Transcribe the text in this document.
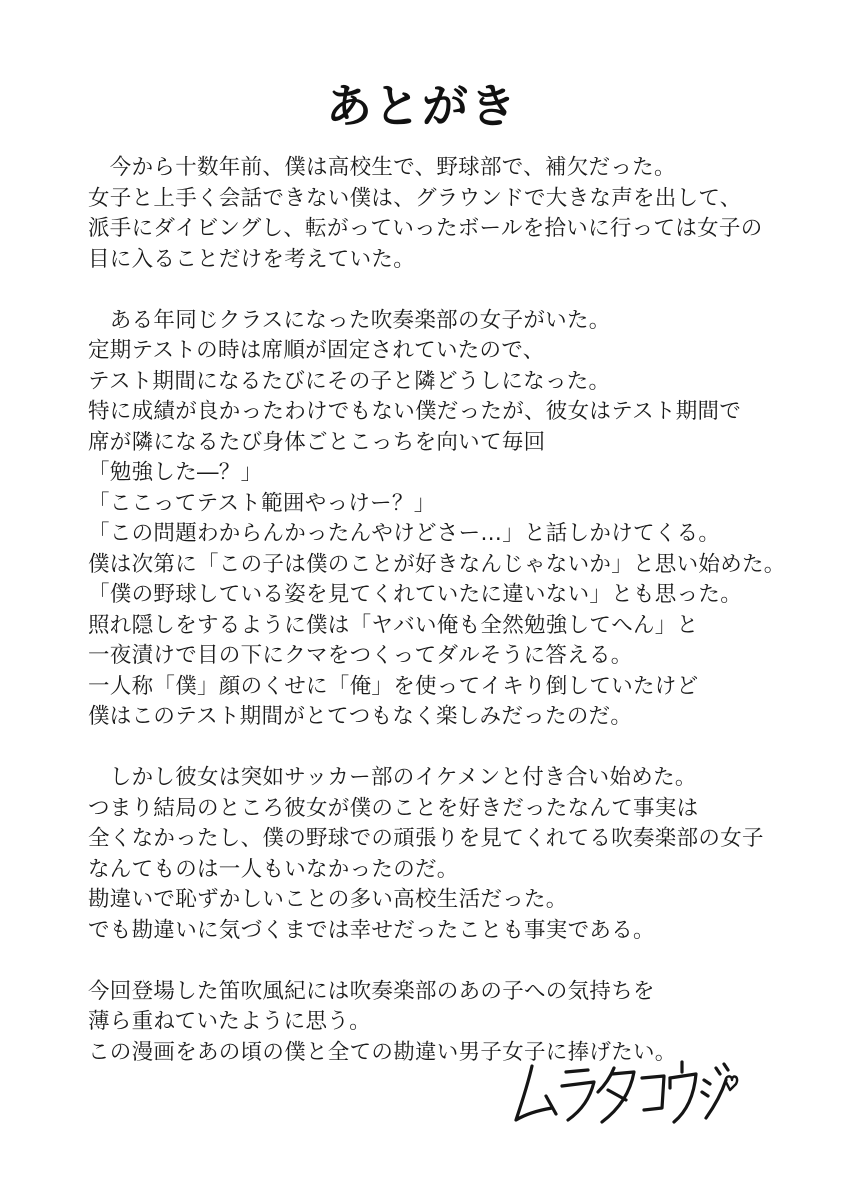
あとがき

　今から十数年前、僕は高校生で、野球部で、補欠だった。
女子と上手く会話できない僕は、グラウンドで大きな声を出して、
派手にダイビングし、転がっていったボールを拾いに行っては女子の
目に入ることだけを考えていた。

　ある年同じクラスになった吹奏楽部の女子がいた。
定期テストの時は席順が固定されていたので、
テスト期間になるたびにその子と隣どうしになった。
特に成績が良かったわけでもない僕だったが、彼女はテスト期間で
席が隣になるたび身体ごとこっちを向いて毎回
「勉強した―？」
「ここってテスト範囲やっけー？」
「この問題わからんかったんやけどさー…」と話しかけてくる。
僕は次第に「この子は僕のことが好きなんじゃないか」と思い始めた。
「僕の野球している姿を見てくれていたに違いない」とも思った。
照れ隠しをするように僕は「ヤバい俺も全然勉強してへん」と
一夜漬けで目の下にクマをつくってダルそうに答える。
一人称「僕」顔のくせに「俺」を使ってイキり倒していたけど
僕はこのテスト期間がとてつもなく楽しみだったのだ。

　しかし彼女は突如サッカー部のイケメンと付き合い始めた。
つまり結局のところ彼女が僕のことを好きだったなんて事実は
全くなかったし、僕の野球での頑張りを見てくれてる吹奏楽部の女子
なんてものは一人もいなかったのだ。
勘違いで恥ずかしいことの多い高校生活だった。
でも勘違いに気づくまでは幸せだったことも事実である。

今回登場した笛吹風紀には吹奏楽部のあの子への気持ちを
薄ら重ねていたように思う。
この漫画をあの頃の僕と全ての勘違い男子女子に捧げたい。
